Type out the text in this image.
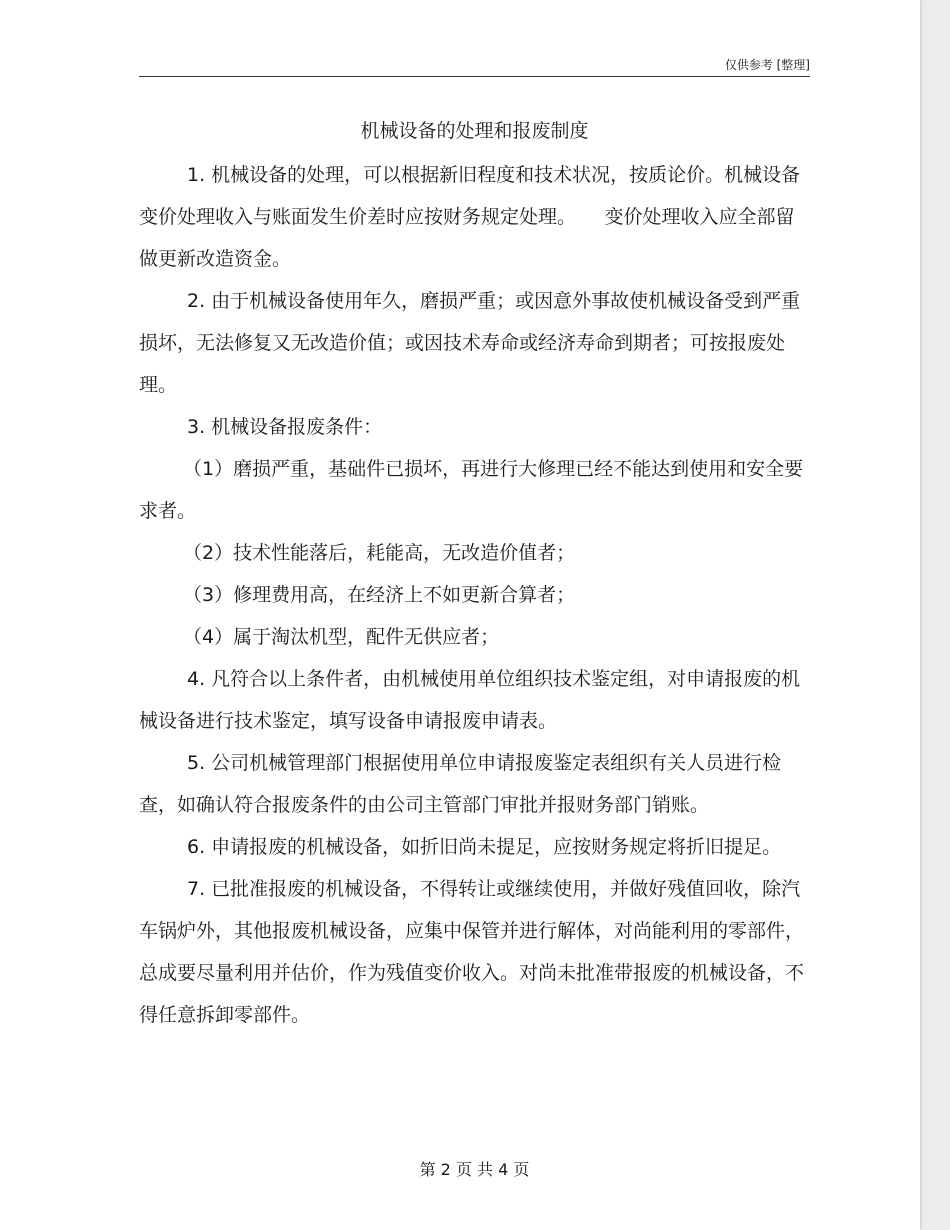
仅供参考 [整理]
机械设备的处理和报废制度

1. 机械设备的处理，可以根据新旧程度和技术状况，按质论价。机械设备变价处理收入与账面发生价差时应按财务规定处理。　　变价处理收入应全部留做更新改造资金。

2. 由于机械设备使用年久，磨损严重；或因意外事故使机械设备受到严重损坏，无法修复又无改造价值；或因技术寿命或经济寿命到期者；可按报废处理。

3. 机械设备报废条件：

（1）磨损严重，基础件已损坏，再进行大修理已经不能达到使用和安全要求者。

（2）技术性能落后，耗能高，无改造价值者；

（3）修理费用高，在经济上不如更新合算者；

（4）属于淘汰机型，配件无供应者；

4. 凡符合以上条件者，由机械使用单位组织技术鉴定组，对申请报废的机械设备进行技术鉴定，填写设备申请报废申请表。

5. 公司机械管理部门根据使用单位申请报废鉴定表组织有关人员进行检查，如确认符合报废条件的由公司主管部门审批并报财务部门销账。

6. 申请报废的机械设备，如折旧尚未提足，应按财务规定将折旧提足。

7. 已批准报废的机械设备，不得转让或继续使用，并做好残值回收，除汽车锅炉外，其他报废机械设备，应集中保管并进行解体，对尚能利用的零部件，总成要尽量利用并估价，作为残值变价收入。对尚未批准带报废的机械设备，不得任意拆卸零部件。

第 2 页 共 4 页
